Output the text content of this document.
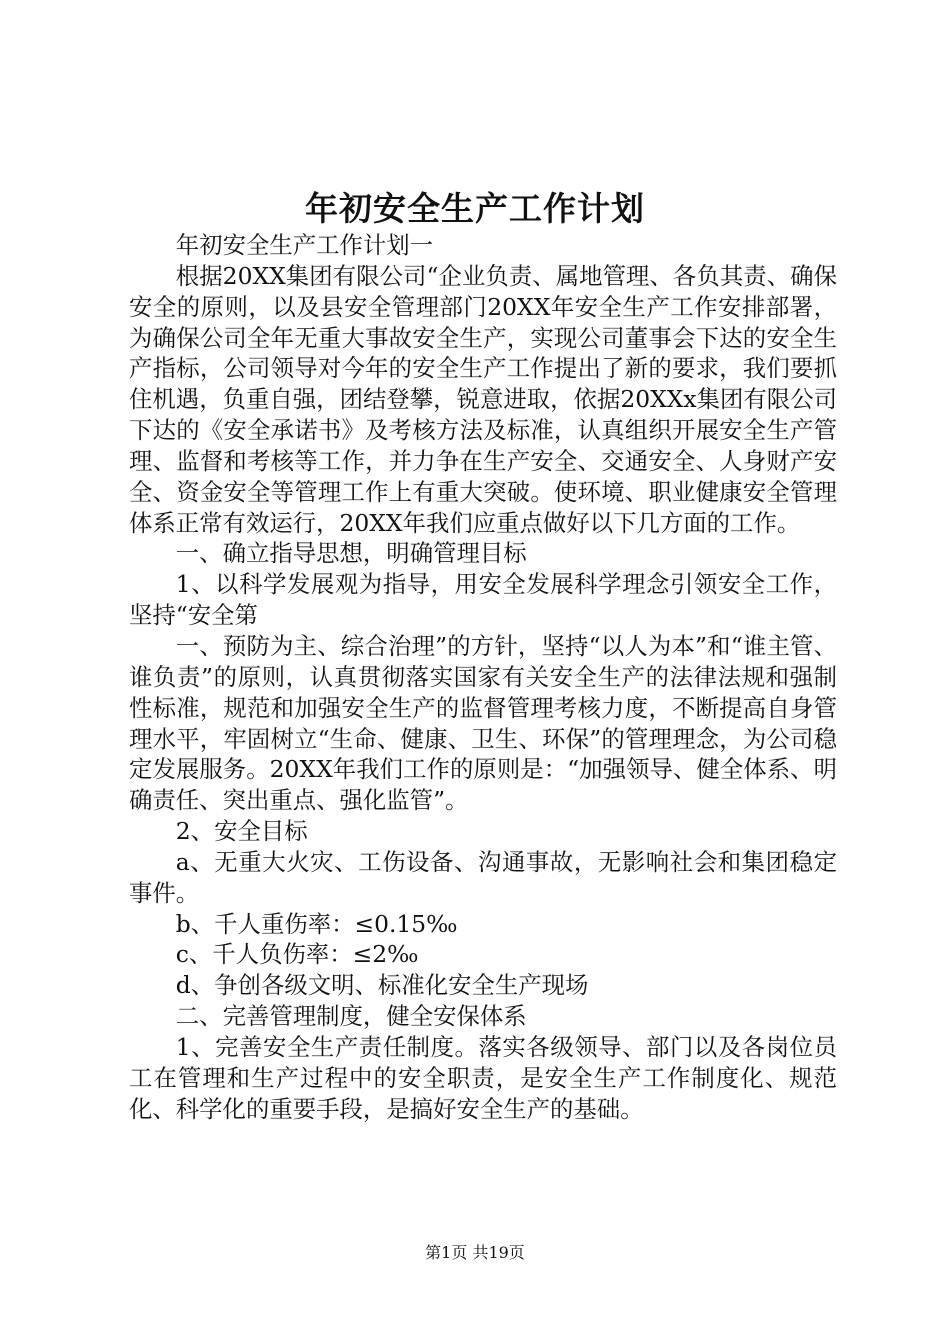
年初安全生产工作计划

年初安全生产工作计划一

根据20XX集团有限公司“企业负责、属地管理、各负其责、确保安全的原则，以及县安全管理部门20XX年安全生产工作安排部署，为确保公司全年无重大事故安全生产，实现公司董事会下达的安全生产指标，公司领导对今年的安全生产工作提出了新的要求，我们要抓住机遇，负重自强，团结登攀，锐意进取，依据20XXx集团有限公司下达的《安全承诺书》及考核方法及标准，认真组织开展安全生产管理、监督和考核等工作，并力争在生产安全、交通安全、人身财产安全、资金安全等管理工作上有重大突破。使环境、职业健康安全管理体系正常有效运行，20XX年我们应重点做好以下几方面的工作。

一、确立指导思想，明确管理目标

1、以科学发展观为指导，用安全发展科学理念引领安全工作，坚持“安全第

一、预防为主、综合治理”的方针，坚持“以人为本”和“谁主管、谁负责”的原则，认真贯彻落实国家有关安全生产的法律法规和强制性标准，规范和加强安全生产的监督管理考核力度，不断提高自身管理水平，牢固树立“生命、健康、卫生、环保”的管理理念，为公司稳定发展服务。20XX年我们工作的原则是：“加强领导、健全体系、明确责任、突出重点、强化监管”。

2、安全目标

a、无重大火灾、工伤设备、沟通事故，无影响社会和集团稳定事件。

b、千人重伤率：≤0.15‰

c、千人负伤率：≤2‰

d、争创各级文明、标准化安全生产现场

二、完善管理制度，健全安保体系

1、完善安全生产责任制度。落实各级领导、部门以及各岗位员工在管理和生产过程中的安全职责，是安全生产工作制度化、规范化、科学化的重要手段，是搞好安全生产的基础。

第1页 共19页
